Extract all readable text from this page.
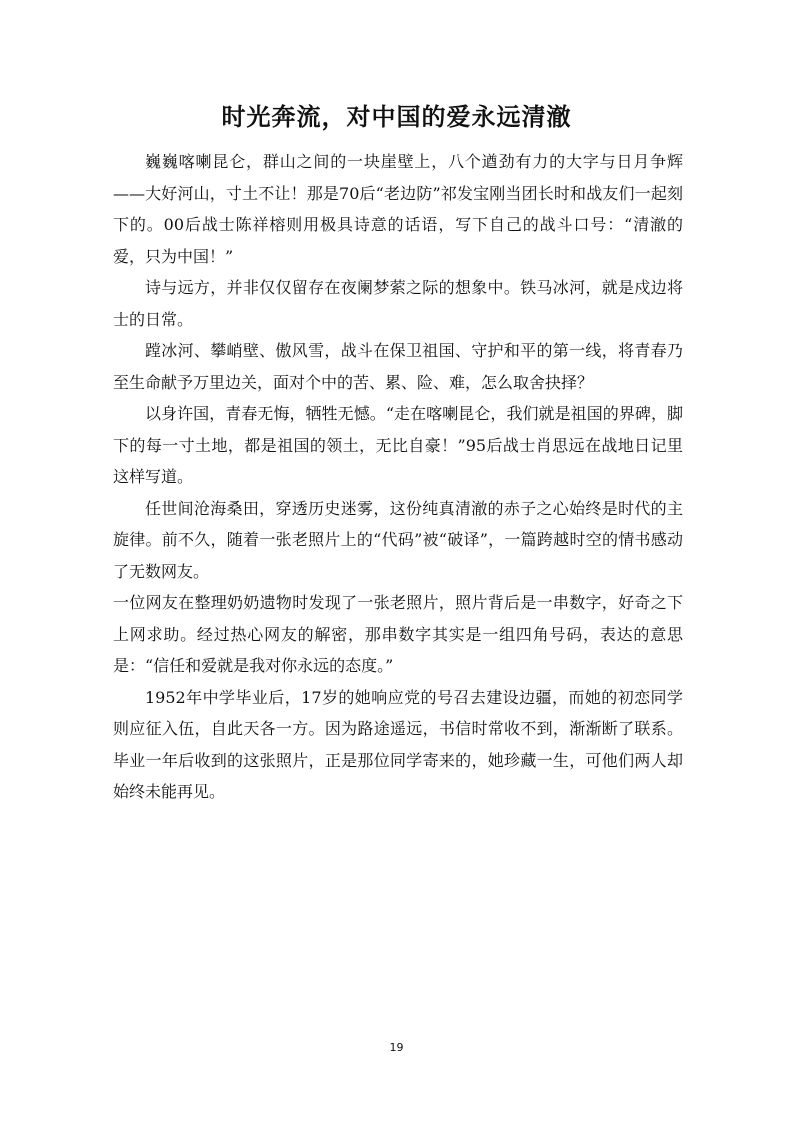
时光奔流，对中国的爱永远清澈

巍巍喀喇昆仑，群山之间的一块崖壁上，八个遒劲有力的大字与日月争辉——大好河山，寸土不让！那是70后“老边防”祁发宝刚当团长时和战友们一起刻下的。00后战士陈祥榕则用极具诗意的话语，写下自己的战斗口号：“清澈的爱，只为中国！”

诗与远方，并非仅仅留存在夜阑梦萦之际的想象中。铁马冰河，就是戍边将士的日常。

蹚冰河、攀峭壁、傲风雪，战斗在保卫祖国、守护和平的第一线，将青春乃至生命献予万里边关，面对个中的苦、累、险、难，怎么取舍抉择？

以身许国，青春无悔，牺牲无憾。“走在喀喇昆仑，我们就是祖国的界碑，脚下的每一寸土地，都是祖国的领土，无比自豪！”95后战士肖思远在战地日记里这样写道。

任世间沧海桑田，穿透历史迷雾，这份纯真清澈的赤子之心始终是时代的主旋律。前不久，随着一张老照片上的“代码”被“破译”，一篇跨越时空的情书感动了无数网友。

一位网友在整理奶奶遗物时发现了一张老照片，照片背后是一串数字，好奇之下上网求助。经过热心网友的解密，那串数字其实是一组四角号码，表达的意思是：“信任和爱就是我对你永远的态度。”

1952年中学毕业后，17岁的她响应党的号召去建设边疆，而她的初恋同学则应征入伍，自此天各一方。因为路途遥远，书信时常收不到，渐渐断了联系。毕业一年后收到的这张照片，正是那位同学寄来的，她珍藏一生，可他们两人却始终未能再见。

19
